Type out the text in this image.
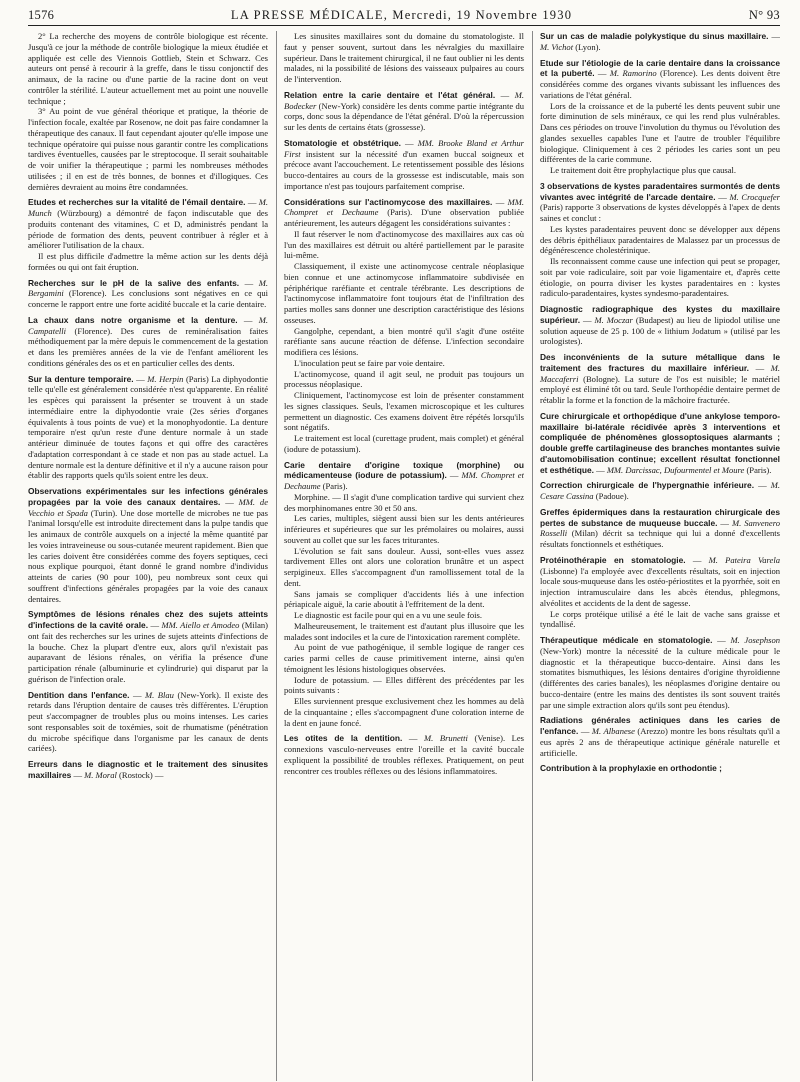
1576	LA PRESSE MÉDICALE, Mercredi, 19 Novembre 1930	N° 93

2° La recherche des moyens de contrôle biologique est récente. Jusqu'à ce jour la méthode de contrôle biologique la mieux étudiée et appliquée est celle des Viennois Gottlieb, Stein et Schwarz. Ces auteurs ont pensé à recourir à la greffe, dans le tissu conjonctif des animaux, de la racine ou d'une partie de la racine dont on veut contrôler la stérilité. L'auteur actuellement met au point une nouvelle technique ;

3° Au point de vue général théorique et pratique, la théorie de l'infection focale, exaltée par Rosenow, ne doit pas faire condamner la thérapeutique des canaux. Il faut cependant ajouter qu'elle impose une technique opératoire qui puisse nous garantir contre les complications tardives éventuelles, causées par le streptocoque. Il serait souhaitable de voir unifier la thérapeutique ; parmi les nombreuses méthodes utilisées ; il en est de très bonnes, de bonnes et d'illogiques. Ces dernières devraient au moins être condamnées.

Etudes et recherches sur la vitalité de l'émail dentaire. — M. Munch (Würzbourg) a démontré de façon indiscutable que des produits contenant des vitamines, C et D, administrés pendant la période de formation des dents, peuvent contribuer à régler et à améliorer l'utilisation de la chaux.

Il est plus difficile d'admettre la même action sur les dents déjà formées ou qui ont fait éruption.

Recherches sur le pH de la salive des enfants. — M. Bergamini (Florence). Les conclusions sont négatives en ce qui concerne le rapport entre une forte acidité buccale et la carie dentaire.

La chaux dans notre organisme et la denture. — M. Campatelli (Florence). Des cures de reminéralisation faites méthodiquement par la mère depuis le commencement de la gestation et dans les premières années de la vie de l'enfant améliorent les conditions générales des os et en particulier celles des dents.

Sur la denture temporaire. — M. Herpin (Paris) La diphyodontie telle qu'elle est généralement considérée n'est qu'apparente. En réalité les espèces qui paraissent la présenter se trouvent à un stade intermédiaire entre la diphyodontie vraie (2es séries d'organes équivalents à tous points de vue) et la monophyodontie. La denture temporaire n'est qu'un reste d'une denture normale à un stade antérieur diminuée de toutes façons et qui offre des caractères d'adaptation correspondant à ce stade et non pas au stade actuel. La denture normale est la denture définitive et il n'y a aucune raison pour établir des rapports quels qu'ils soient entre les deux.

Observations expérimentales sur les infections générales propagées par la voie des canaux dentaires. — MM. de Vecchio et Spada (Turin). Une dose mortelle de microbes ne tue pas l'animal lorsqu'elle est introduite directement dans la pulpe tandis que les animaux de contrôle auxquels on a injecté la même quantité par les voies intraveineuse ou sous-cutanée meurent rapidement. Bien que les caries doivent être considérées comme des foyers septiques, ceci nous explique pourquoi, étant donné le grand nombre d'individus atteints de caries (90 pour 100), peu nombreux sont ceux qui souffrent d'infections générales propagées par la voie des canaux dentaires.

Symptômes de lésions rénales chez des sujets atteints d'infections de la cavité orale. — MM. Aiello et Amodeo (Milan) ont fait des recherches sur les urines de sujets atteints d'infections de la bouche. Chez la plupart d'entre eux, alors qu'il n'existait pas auparavant de lésions rénales, on vérifia la présence d'une participation rénale (albuminurie et cylindrurie) qui disparut par la guérison de l'infection orale.

Dentition dans l'enfance. — M. Blau (New-York). Il existe des retards dans l'éruption dentaire de causes très différentes. L'éruption peut s'accompagner de troubles plus ou moins intenses. Les caries sont responsables soit de toxémies, soit de rhumatisme (pénétration du microbe spécifique dans l'organisme par les canaux de dents cariées).

Erreurs dans le diagnostic et le traitement des sinusites maxillaires — M. Moral (Rostock) —

Les sinusites maxillaires sont du domaine du stomatologiste. Il faut y penser souvent, surtout dans les névralgies du maxillaire supérieur. Dans le traitement chirurgical, il ne faut oublier ni les dents malades, ni la possibilité de lésions des vaisseaux pulpaires au cours de l'intervention.

Relation entre la carie dentaire et l'état général. — M. Bodecker (New-York) considère les dents comme partie intégrante du corps, donc sous la dépendance de l'état général. D'où la répercussion sur les dents de certains états (grossesse).

Stomatologie et obstétrique. — MM. Brooke Bland et Arthur First insistent sur la nécessité d'un examen buccal soigneux et précoce avant l'accouchement. Le retentissement possible des lésions bucco-dentaires au cours de la grossesse est indiscutable, mais son importance n'est pas toujours parfaitement comprise.

Considérations sur l'actinomycose des maxillaires. — MM. Chompret et Dechaume (Paris). D'une observation publiée antérieurement, les auteurs dégagent les considérations suivantes :

Il faut réserver le nom d'actinomycose des maxillaires aux cas où l'un des maxillaires est détruit ou altéré partiellement par le parasite lui-même.

Classiquement, il existe une actinomycose centrale néoplasique bien connue et une actinomycose inflammatoire subdivisée en périphérique raréfiante et centrale térébrante. Les descriptions de l'actinomycose inflammatoire font toujours état de l'infiltration des parties molles sans donner une description caractéristique des lésions osseuses.

Gangolphe, cependant, a bien montré qu'il s'agit d'une ostéite raréfiante sans aucune réaction de défense. L'infection secondaire modifiera ces lésions.

L'inoculation peut se faire par voie dentaire.

L'actinomycose, quand il agit seul, ne produit pas toujours un processus néoplasique.

Cliniquement, l'actinomycose est loin de présenter constamment les signes classiques. Seuls, l'examen microscopique et les cultures permettent un diagnostic. Ces examens doivent être répétés lorsqu'ils sont négatifs.

Le traitement est local (curettage prudent, mais complet) et général (iodure de potassium).

Carie dentaire d'origine toxique (morphine) ou médicamenteuse (iodure de potassium). — MM. Chompret et Dechaume (Paris).

Morphine. — Il s'agit d'une complication tardive qui survient chez des morphinomanes entre 30 et 50 ans.

Les caries, multiples, siègent aussi bien sur les dents antérieures inférieures et supérieures que sur les prémolaires ou molaires, aussi souvent au collet que sur les faces triturantes.

L'évolution se fait sans douleur. Aussi, sont-elles vues assez tardivement Elles ont alors une coloration brunâtre et un aspect serpigineux. Elles s'accompagnent d'un ramollissement total de la dent.

Sans jamais se compliquer d'accidents liés à une infection périapicale aiguë, la carie aboutit à l'effritement de la dent.

Le diagnostic est facile pour qui en a vu une seule fois.

Malheureusement, le traitement est d'autant plus illusoire que les malades sont indociles et la cure de l'intoxication rarement complète.

Au point de vue pathogénique, il semble logique de ranger ces caries parmi celles de cause primitivement interne, ainsi qu'en témoignent les lésions histologiques observées.

Iodure de potassium. — Elles diffèrent des précédentes par les points suivants :

Elles surviennent presque exclusivement chez les hommes au delà de la cinquantaine ; elles s'accompagnent d'une coloration interne de la dent en jaune foncé.

Les otites de la dentition. — M. Brunetti (Venise). Les connexions vasculo-nerveuses entre l'oreille et la cavité buccale expliquent la possibilité de troubles réflexes. Pratiquement, on peut rencontrer ces troubles réflexes ou des lésions inflammatoires.

Sur un cas de maladie polykystique du sinus maxillaire. — M. Vichot (Lyon).

Etude sur l'étiologie de la carie dentaire dans la croissance et la puberté. — M. Ramorino (Florence). Les dents doivent être considérées comme des organes vivants subissant les influences des variations de l'état général.

Lors de la croissance et de la puberté les dents peuvent subir une forte diminution de sels minéraux, ce qui les rend plus vulnérables. Dans ces périodes on trouve l'involution du thymus ou l'évolution des glandes sexuelles capables l'une et l'autre de troubler l'équilibre biologique. Cliniquement à ces 2 périodes les caries sont un peu différentes de la carie commune.

Le traitement doit être prophylactique plus que causal.

3 observations de kystes paradentaires surmontés de dents vivantes avec intégrité de l'arcade dentaire. — M. Crocquefer (Paris) rapporte 3 observations de kystes développés à l'apex de dents saines et conclut :

Les kystes paradentaires peuvent donc se développer aux dépens des débris épithéliaux paradentaires de Malassez par un processus de dégénérescence cholestérinique.

Ils reconnaissent comme cause une infection qui peut se propager, soit par voie radiculaire, soit par voie ligamentaire et, d'après cette étiologie, on pourra diviser les kystes paradentaires en : kystes radiculo-paradentaires, kystes syndesmo-paradentaires.

Diagnostic radiographique des kystes du maxillaire supérieur. — M. Moczar (Budapest) au lieu de lipiodol utilise une solution aqueuse de 25 p. 100 de « lithium Jodatum » (utilisé par les urologistes).

Des inconvénients de la suture métallique dans le traitement des fractures du maxillaire inférieur. — M. Maccaferri (Bologne). La suture de l'os est nuisible; le matériel employé est éliminé tôt ou tard. Seule l'orthopédie dentaire permet de rétablir la forme et la fonction de la mâchoire fracturée.

Cure chirurgicale et orthopédique d'une ankylose temporo-maxillaire bi-latérale récidivée après 3 interventions et compliquée de phénomènes glossoptosiques alarmants ; double greffe cartilagineuse des branches montantes suivie d'automobilisation continue; excellent résultat fonctionnel et esthétique. — MM. Darcissac, Dufourmentel et Moure (Paris).

Correction chirurgicale de l'hypergnathie inférieure. — M. Cesare Cassina (Padoue).

Greffes épidermiques dans la restauration chirurgicale des pertes de substance de muqueuse buccale. — M. Sanvenero Rosselli (Milan) décrit sa technique qui lui a donné d'excellents résultats fonctionnels et esthétiques.

Protéinothérapie en stomatologie. — M. Pateira Varela (Lisbonne) l'a employée avec d'excellents résultats, soit en injection locale sous-muqueuse dans les ostéo-périostites et la pyorrhée, soit en injection intramusculaire dans les abcès étendus, phlegmons, alvéolites et accidents de la dent de sagesse.

Le corps protéique utilisé a été le lait de vache sans graisse et tyndallisé.

Thérapeutique médicale en stomatologie. — M. Josephson (New-York) montre la nécessité de la culture médicale pour le diagnostic et la thérapeutique bucco-dentaire. Ainsi dans les stomatites bismuthiques, les lésions dentaires d'origine thyroïdienne (différentes des caries banales), les néoplasmes d'origine dentaire ou bucco-dentaire (entre les mains des dentistes ils sont souvent traités par une simple extraction alors qu'ils sont peu étendus).

Radiations générales actiniques dans les caries de l'enfance. — M. Albanese (Arezzo) montre les bons résultats qu'il a eus après 2 ans de thérapeutique actinique générale naturelle et artificielle.

Contribution à la prophylaxie en orthodontie ;
